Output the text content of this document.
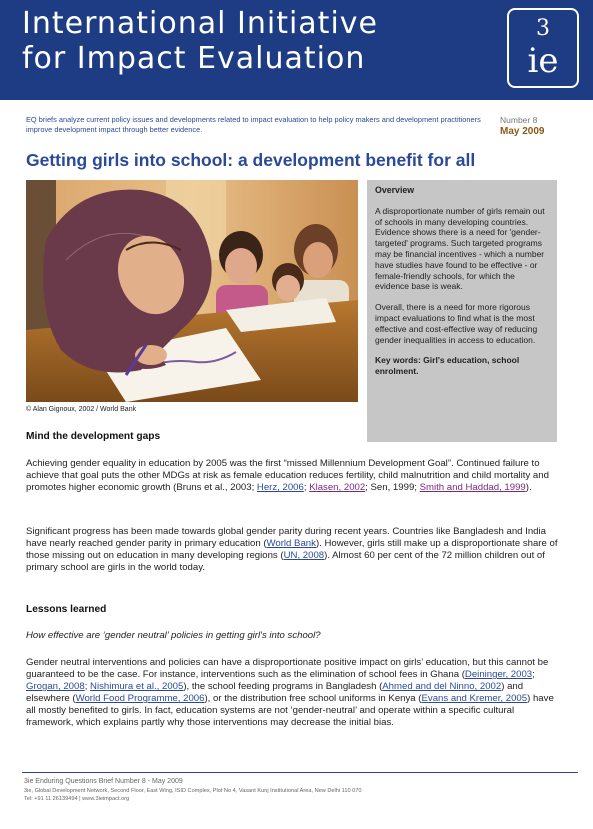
International Initiative
for Impact Evaluation
3
ie
EQ briefs analyze current policy issues and developments related to impact evaluation to help policy makers and development practitioners improve development impact through better evidence.
Number 8
May 2009
Getting girls into school: a development benefit for all
© Alan Gignoux, 2002 / World Bank
Overview

A disproportionate number of girls remain out of schools in many developing countries. Evidence shows there is a need for 'gender-targeted' programs. Such targeted programs may be financial incentives - which a number
have studies have found to be effective - or female-friendly schools, for which the evidence base is weak.

Overall, there is a need for more rigorous impact evaluations to find what is the most effective and cost-effective way of reducing gender inequalities in access to education.

Key words: Girl's education, school enrolment.

Mind the development gaps

Achieving gender equality in education by 2005 was the first “missed Millennium Development Goal”. Continued failure to achieve that goal puts the other MDGs at risk as female education reduces fertility, child malnutrition and child mortality and promotes higher economic growth (Bruns et al., 2003; Herz, 2006; Klasen, 2002; Sen, 1999; Smith and Haddad, 1999).

Significant progress has been made towards global gender parity during recent years. Countries like Bangladesh and India have nearly reached gender parity in primary education (World Bank). However, girls still make up a disproportionate share of those missing out on education in many developing regions (UN, 2008). Almost 60 per cent of the 72 million children out of primary school are girls in the world today.

Lessons learned

How effective are ‘gender neutral’ policies in getting girl's into school?

Gender neutral interventions and policies can have a disproportionate positive impact on girls’ education, but this cannot be guaranteed to be the case. For instance, interventions such as the elimination of school fees in Ghana (Deininger, 2003; Grogan, 2008; Nishimura et al., 2005), the school feeding programs in Bangladesh (Ahmed and del Ninno, 2002) and elsewhere (World Food Programme, 2006), or the distribution free school uniforms in Kenya (Evans and Kremer, 2005) have all mostly benefited to girls. In fact, education systems are not ‘gender-neutral’ and operate within a specific cultural framework, which explains partly why those interventions may decrease the initial bias.

3ie Enduring Questions Brief Number 8 - May 2009
3ie, Global Development Network, Second Floor, East Wing, ISID Complex, Plot No 4, Vasant Kunj Institutional Area, New Delhi 110 070
Tel: +91 11 26139494 | www.3ieimpact.org
